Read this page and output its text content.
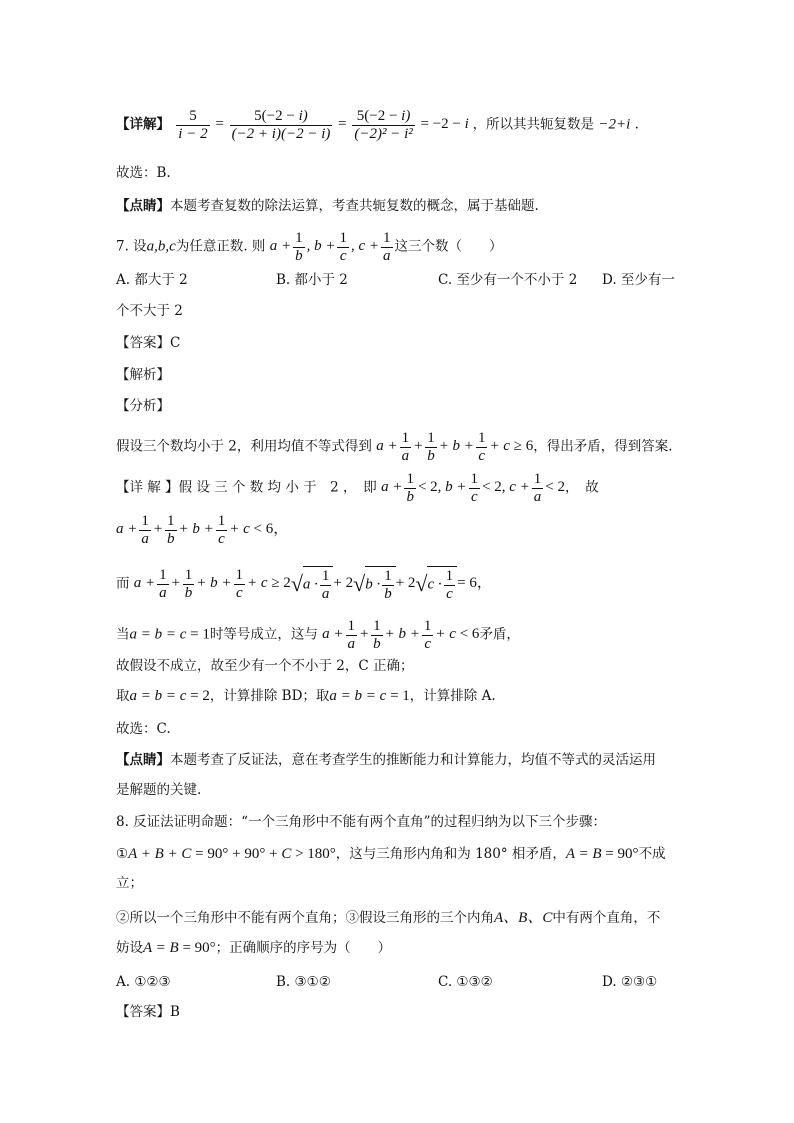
【详解】 $\frac{5}{i - 2} = \frac{5(-2 - i)}{(-2 + i)(-2 - i)} = \frac{5(-2 - i)}{\text{(−2)² − i²}} = -2 - i$ ，所以其共轭复数是 −2+i .
故选：B.
【点睛】本题考查复数的除法运算，考查共轭复数的概念，属于基础题.
7. 设a,b,c为任意正数. 则 $a + \frac{1}{b}$ , $b + \frac{1}{c}$ , $c + \frac{1}{a}$ 这三个数（　　）
A. 都大于 2	B. 都小于 2	C. 至少有一个不小于 2 D. 至少有一
个不大于 2
【答案】C
【解析】
【分析】
假设三个数均小于 2，利用均值不等式得到 $a + \frac{1}{a} + \frac{1}{b} + b + \frac{1}{c} + c \ge 6$，得出矛盾，得到答案.
【详 解 】假 设 三 个 数 均 小 于　2 ，　即 $a + \frac{1}{b} < 2$, $b + \frac{1}{c} < 2$, $c + \frac{1}{a} < 2$，　故
$a + \frac{1}{a} + \frac{1}{b} + b + \frac{1}{c} + c < 6$，
而 $a + \frac{1}{a} + \frac{1}{b} + b + \frac{1}{c} + c \ge 2√a \cdot \frac{1}{a} + 2√b \cdot \frac{1}{b} + 2√c \cdot \frac{1}{c} = 6$，
当a = b = c = 1时等号成立，这与 $a + \frac{1}{a} + \frac{1}{b} + b + \frac{1}{c} + c < 6$矛盾，
故假设不成立，故至少有一个不小于 2，C 正确；
取a = b = c = 2，计算排除 BD；取a = b = c = 1，计算排除 A.
故选：C.
【点睛】本题考查了反证法，意在考查学生的推断能力和计算能力，均值不等式的灵活运用
是解题的关键.
8. 反证法证明命题：“一个三角形中不能有两个直角”的过程归纳为以下三个步骤：
①A + B + C = 90° + 90° + C > 180°，这与三角形内角和为 180° 相矛盾，A = B = 90°不成
立；
②所以一个三角形中不能有两个直角；③假设三角形的三个内角A、B、C中有两个直角，不
妨设A = B = 90°；正确顺序的序号为（　　）
A. ①②③	B. ③①②	C. ①③②	D. ②③①
【答案】B
